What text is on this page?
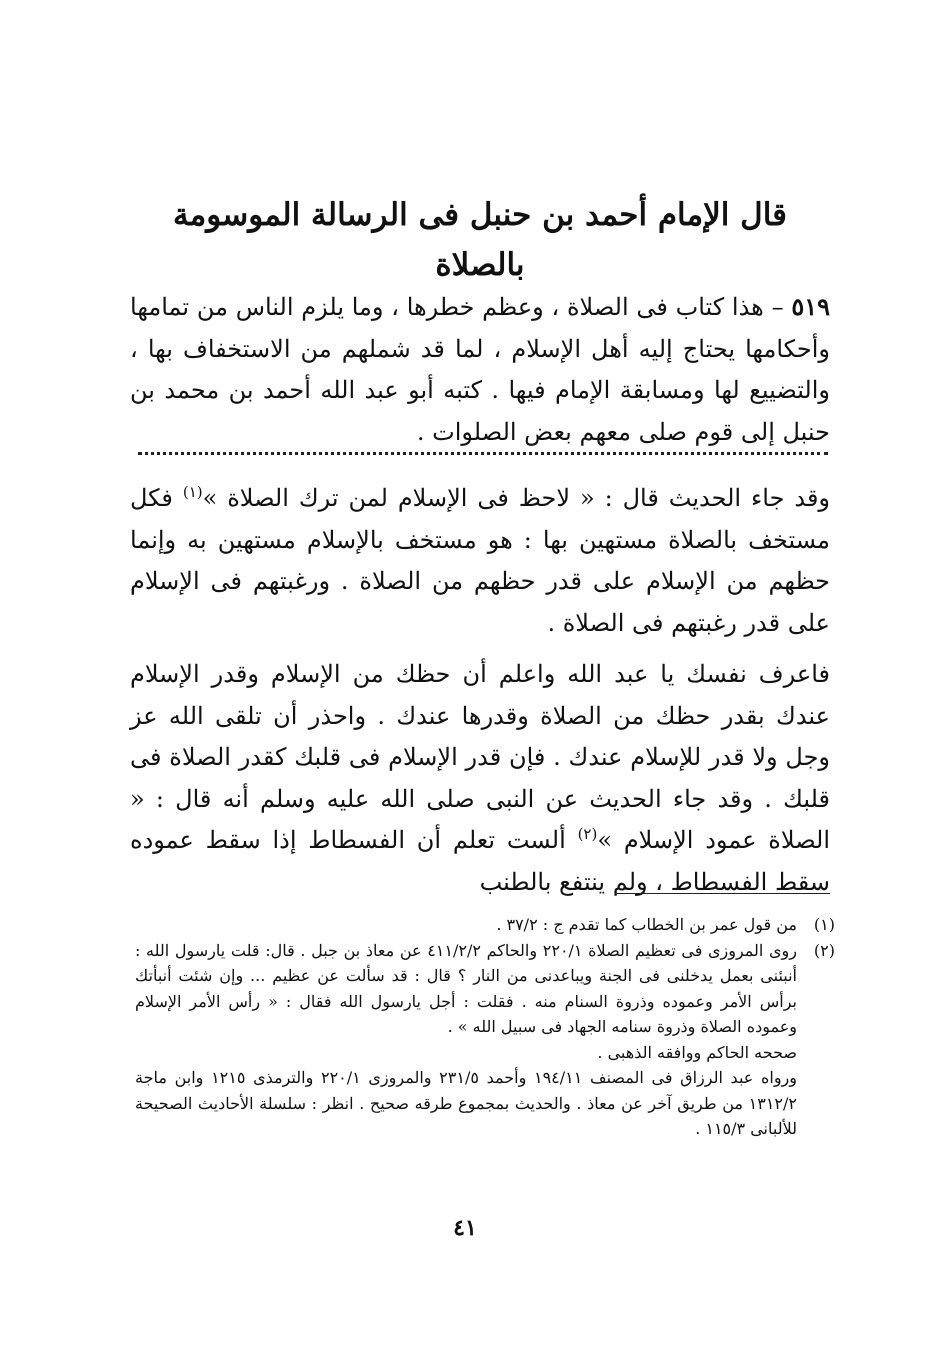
قال الإمام أحمد بن حنبل فى الرسالة الموسومة بالصلاة
٥١٩ – هذا كتاب فى الصلاة ، وعظم خطرها ، وما يلزم الناس من تمامها وأحكامها يحتاج إليه أهل الإسلام ، لما قد شملهم من الاستخفاف بها ، والتضييع لها ومسابقة الإمام فيها . كتبه أبو عبد الله أحمد بن محمد بن حنبل إلى قوم صلى معهم بعض الصلوات .
وقد جاء الحديث قال : « لاحظ فى الإسلام لمن ترك الصلاة »$^{(١)}$ فكل مستخف بالصلاة مستهين بها : هو مستخف بالإسلام مستهين به وإنما حظهم من الإسلام على قدر حظهم من الصلاة . ورغبتهم فى الإسلام على قدر رغبتهم فى الصلاة .
فاعرف نفسك يا عبد الله واعلم أن حظك من الإسلام وقدر الإسلام عندك بقدر حظك من الصلاة وقدرها عندك . واحذر أن تلقى الله عز وجل ولا قدر للإسلام عندك . فإن قدر الإسلام فى قلبك كقدر الصلاة فى قلبك . وقد جاء الحديث عن النبى صلى الله عليه وسلم أنه قال : « الصلاة عمود الإسلام »$^{(٢)}$ ألست تعلم أن الفسطاط إذا سقط عموده سقط الفسطاط ، ولم ينتفع بالطنب
(١)
من قول عمر بن الخطاب كما تقدم ج : ٣٧/٢ .
(٢)
روى المروزى فى تعظيم الصلاة ٢٢٠/١ والحاكم ٤١١/٢/٢ عن معاذ بن جبل . قال: قلت يارسول الله : أنبئنى بعمل يدخلنى فى الجنة ويباعدنى من النار ؟ قال : قد سألت عن عظيم ... وإن شئت أنبأتك برأس الأمر وعموده وذروة السنام منه . فقلت : أجل يارسول الله فقال : « رأس الأمر الإسلام وعموده الصلاة وذروة سنامه الجهاد فى سبيل الله » .
صححه الحاكم ووافقه الذهبى .
ورواه عبد الرزاق فى المصنف ١٩٤/١١ وأحمد ٢٣١/٥ والمروزى ٢٢٠/١ والترمذى ١٢١٥ وابن ماجة ١٣١٢/٢ من طريق آخر عن معاذ . والحديث بمجموع طرقه صحيح . انظر : سلسلة الأحاديث الصحيحة للألبانى ١١٥/٣ .
٤١
